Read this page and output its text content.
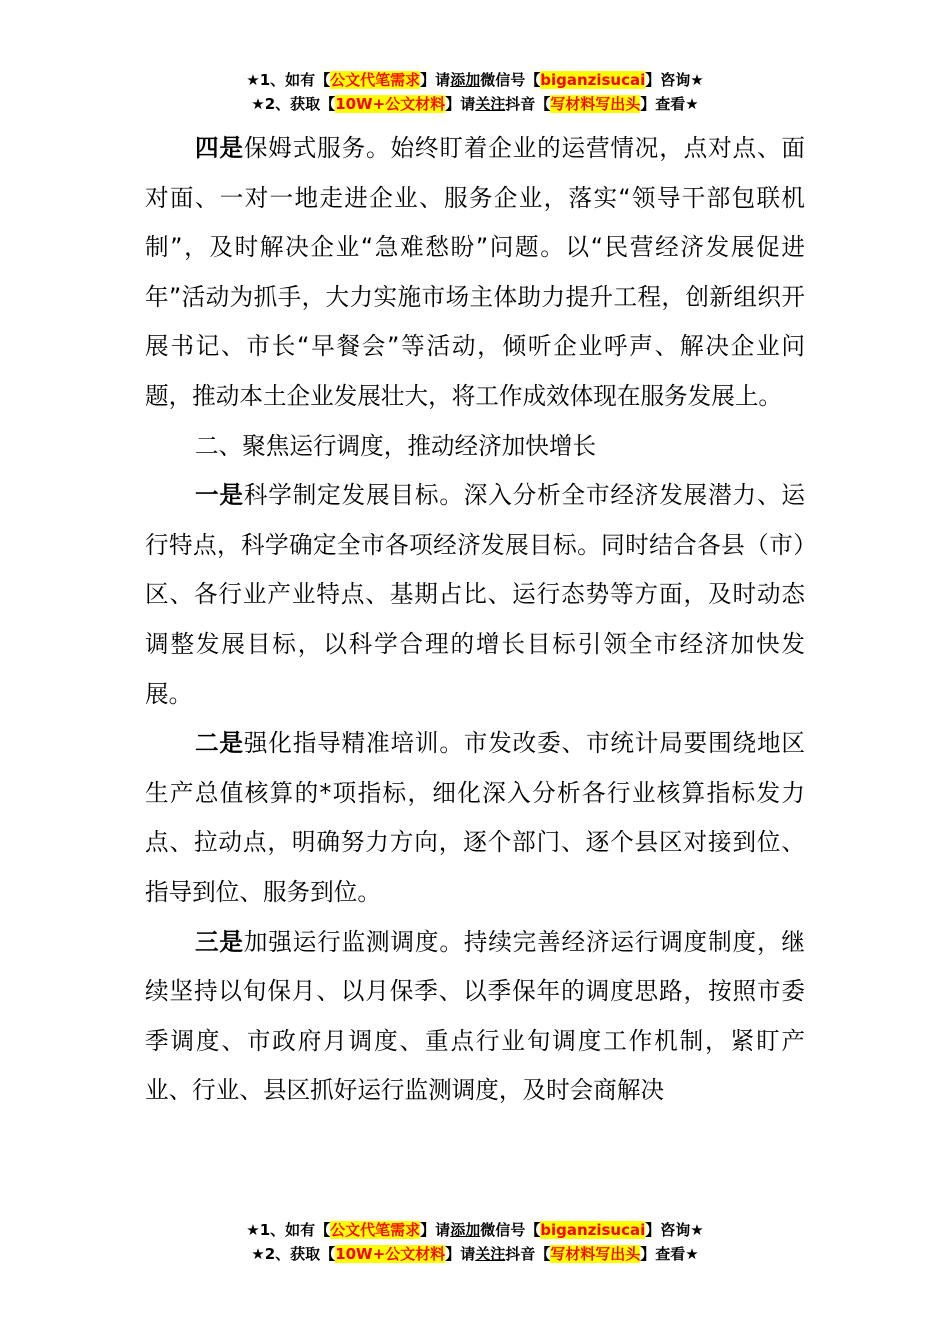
★1、如有【公文代笔需求】请添加微信号【biganzisucai】咨询★
★2、获取【10W+公文材料】请关注抖音【写材料写出头】查看★

四是保姆式服务。始终盯着企业的运营情况，点对点、面对面、一对一地走进企业、服务企业，落实“领导干部包联机制”，及时解决企业“急难愁盼”问题。以“民营经济发展促进年”活动为抓手，大力实施市场主体助力提升工程，创新组织开展书记、市长“早餐会”等活动，倾听企业呼声、解决企业问题，推动本土企业发展壮大，将工作成效体现在服务发展上。

二、聚焦运行调度，推动经济加快增长

一是科学制定发展目标。深入分析全市经济发展潜力、运行特点，科学确定全市各项经济发展目标。同时结合各县（市）区、各行业产业特点、基期占比、运行态势等方面，及时动态调整发展目标，以科学合理的增长目标引领全市经济加快发展。

二是强化指导精准培训。市发改委、市统计局要围绕地区生产总值核算的*项指标，细化深入分析各行业核算指标发力点、拉动点，明确努力方向，逐个部门、逐个县区对接到位、指导到位、服务到位。

三是加强运行监测调度。持续完善经济运行调度制度，继续坚持以旬保月、以月保季、以季保年的调度思路，按照市委季调度、市政府月调度、重点行业旬调度工作机制，紧盯产业、行业、县区抓好运行监测调度，及时会商解决

★1、如有【公文代笔需求】请添加微信号【biganzisucai】咨询★
★2、获取【10W+公文材料】请关注抖音【写材料写出头】查看★
